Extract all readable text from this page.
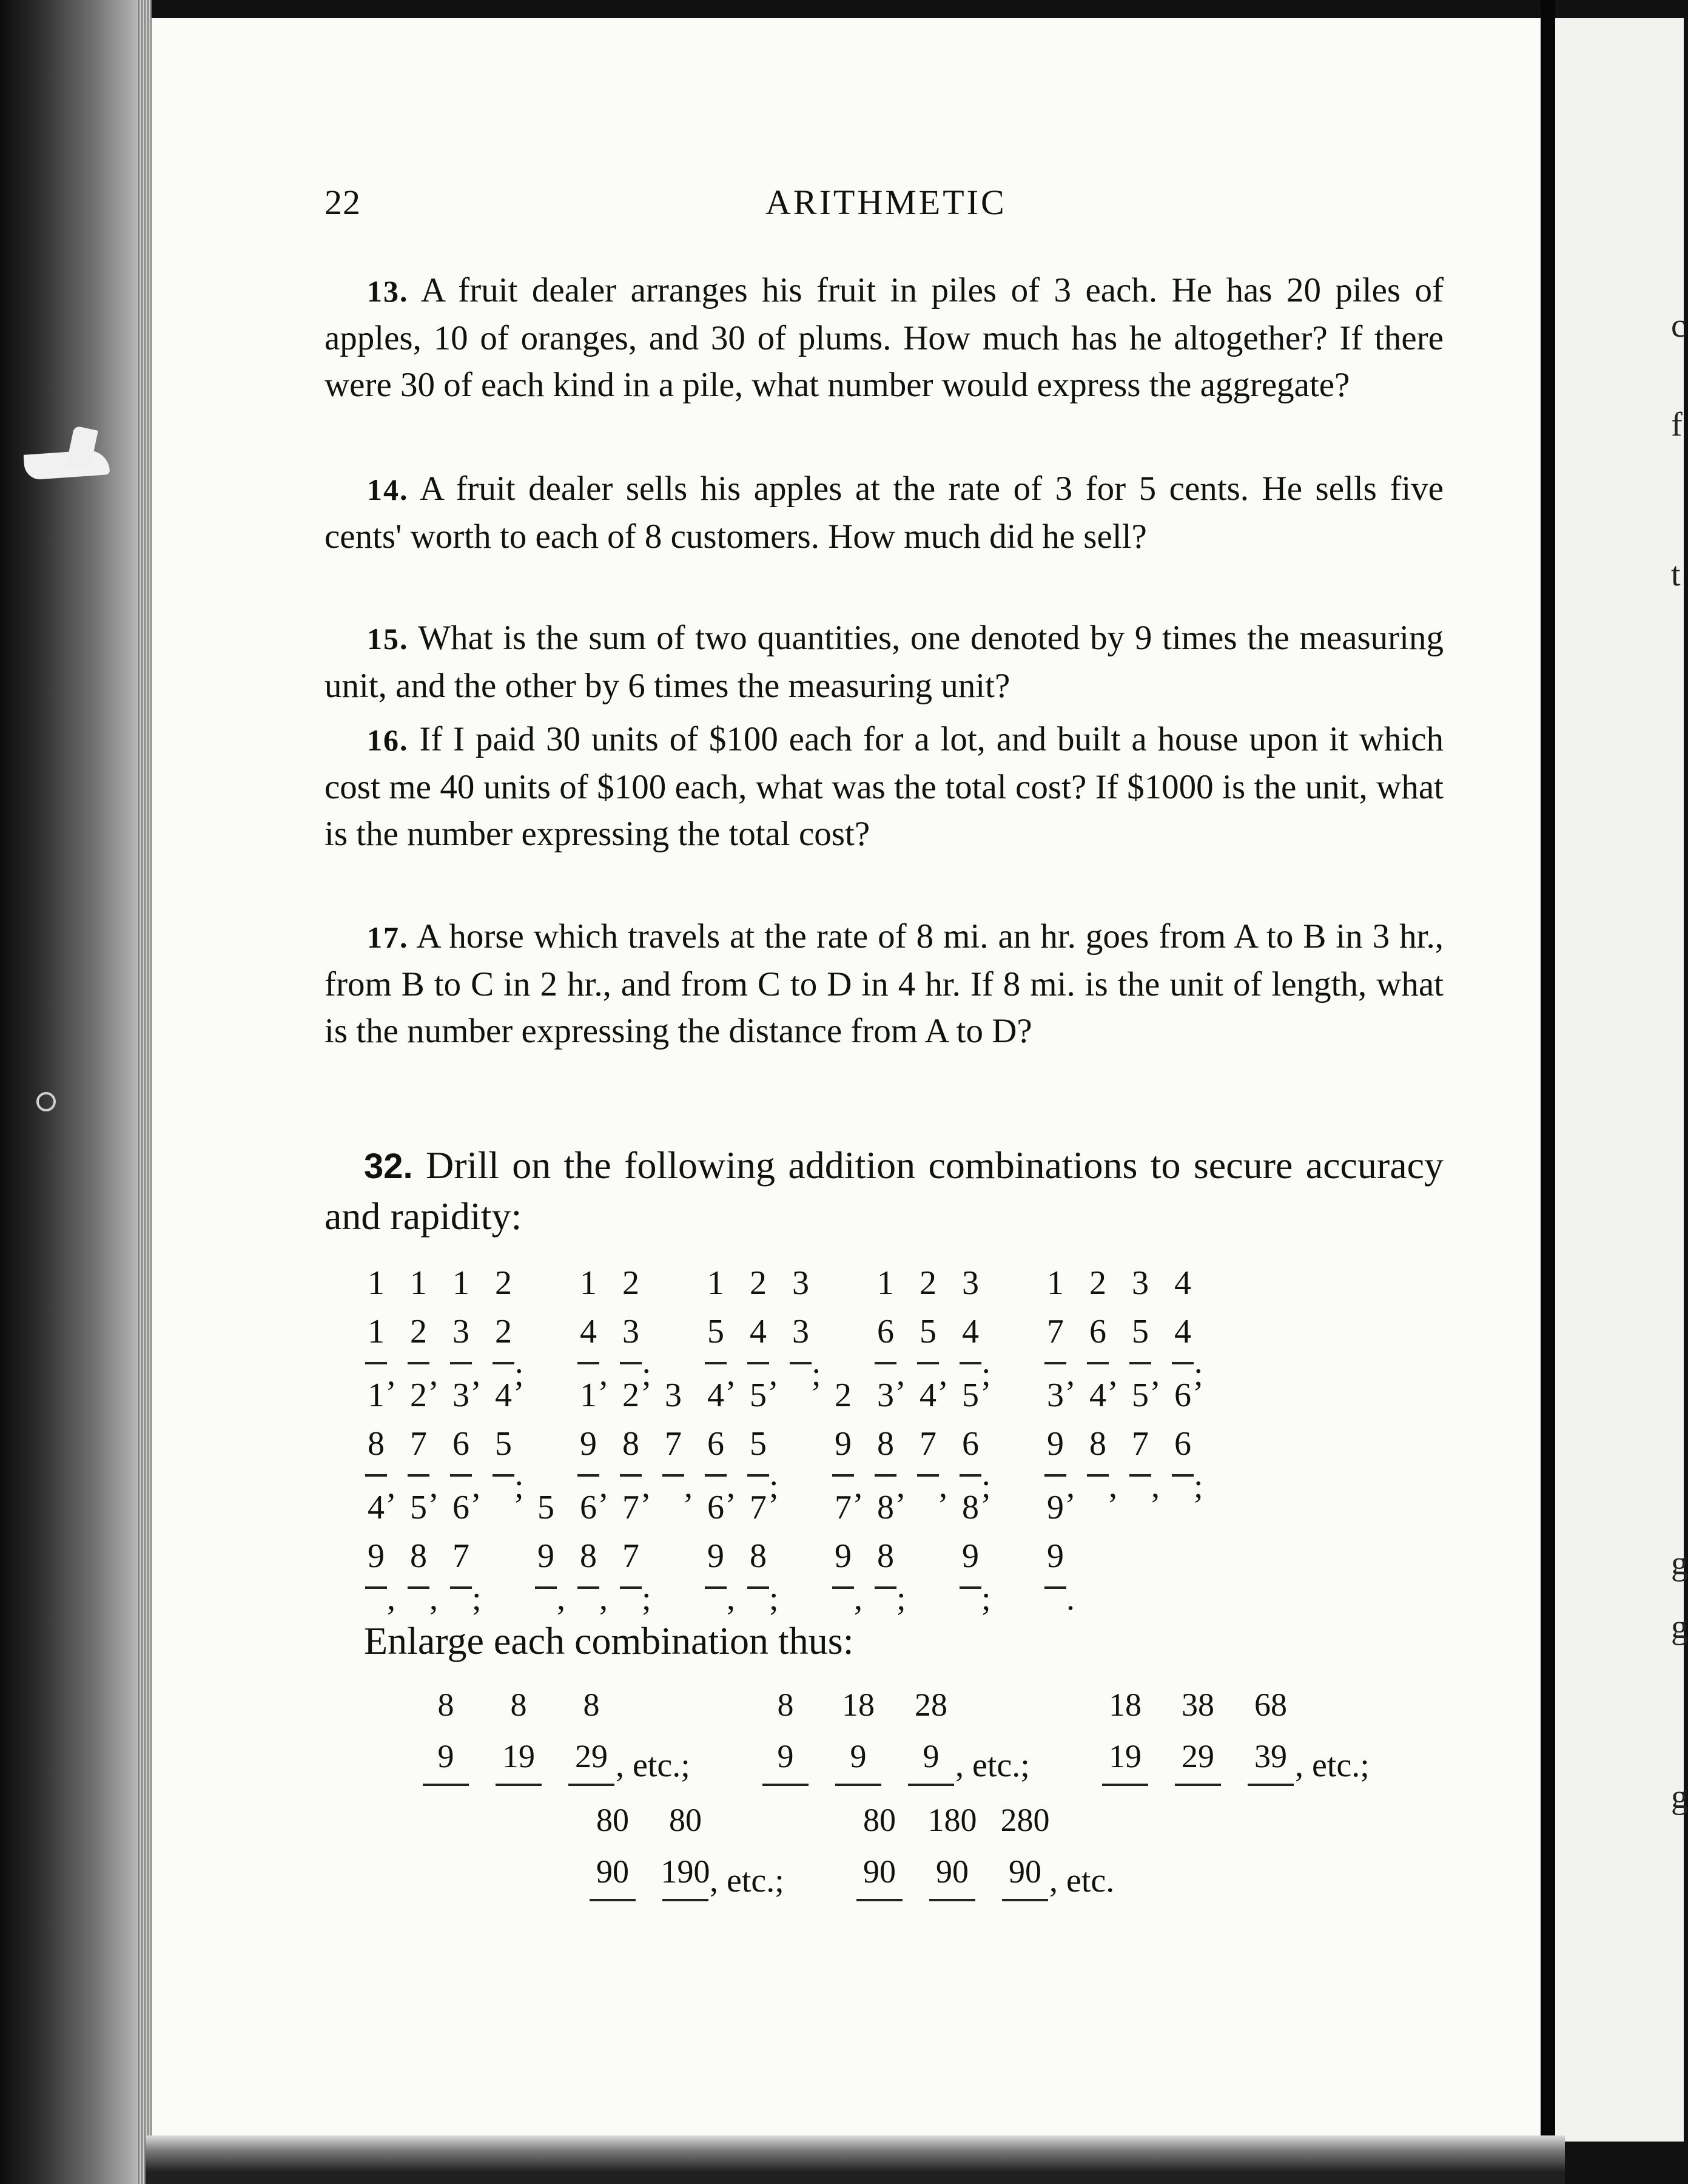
c
f
t
g
g
g
22	ARITHMETIC
13. A fruit dealer arranges his fruit in piles of 3 each. He has 20 piles of apples, 10 of oranges, and 30 of plums. How much has he altogether? If there were 30 of each kind in a pile, what number would express the aggregate?
14. A fruit dealer sells his apples at the rate of 3 for 5 cents. He sells five cents' worth to each of 8 customers. How much did he sell?
15. What is the sum of two quantities, one denoted by 9 times the measuring unit, and the other by 6 times the measuring unit?
16. If I paid 30 units of $100 each for a lot, and built a house upon it which cost me 40 units of $100 each, what was the total cost? If $1000 is the unit, what is the number expressing the total cost?
17. A horse which travels at the rate of 8 mi. an hr. goes from A to B in 3 hr., from B to C in 2 hr., and from C to D in 4 hr. If 8 mi. is the unit of length, what is the number expressing the distance from A to D?
32. Drill on the following addition combinations to secure accuracy and rapidity:
1
1
,
1
2
,
1
3
,
2
2
;
1
4
,
2
3
;
1
5
,
2
4
,
3
3
;
1
6
,
2
5
,
3
4
;
1
7
,
2
6
,
3
5
,
4
4
;
1
8
,
2
7
,
3
6
,
4
5
;
1
9
,
2
8
,
3
7
,
4
6
,
5
5
;
2
9
,
3
8
,
4
7
,
5
6
;
3
9
,
4
8
,
5
7
,
6
6
;
4
9
,
5
8
,
6
7
;
5
9
,
6
8
,
7
7
;
6
9
,
7
8
;
7
9
,
8
8
;
8
9
;
9
9
.
Enlarge each combination thus:
8
9
8
19
8
29 , etc.;
8
9
18
9
28
9 , etc.;
18
19
38
29
68
39 , etc.;
80
90
80
190 , etc.;
80
90
180
90
280
90 , etc.
